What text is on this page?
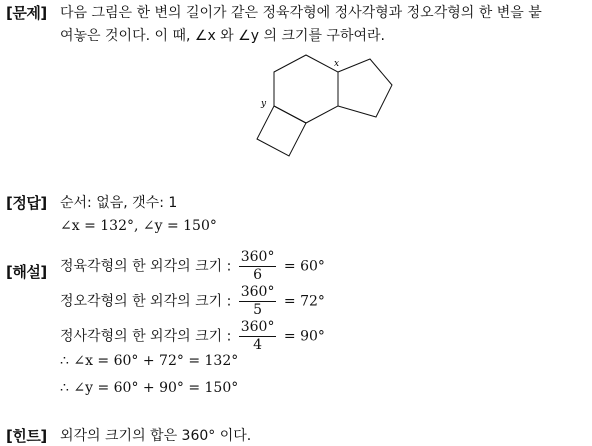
[문제] 다음 그림은 한 변의 길이가 같은 정육각형에 정사각형과 정오각형의 한 변을 붙
여놓은 것이다. 이 때, ∠x 와 ∠y 의 크기를 구하여라.
x
y
[정답] 순서: 없음, 갯수: 1
∠x = 132°, ∠y = 150°
[해설] 정육각형의 한 외각의 크기 : $\frac{360^\circ}{6} = 60^\circ$
정오각형의 한 외각의 크기 : $\frac{360^\circ}{5} = 72^\circ$
정사각형의 한 외각의 크기 : $\frac{360^\circ}{4} = 90^\circ$
∴ ∠x = 60° + 72° = 132°
∴ ∠y = 60° + 90° = 150°
[힌트] 외각의 크기의 합은 360° 이다.
